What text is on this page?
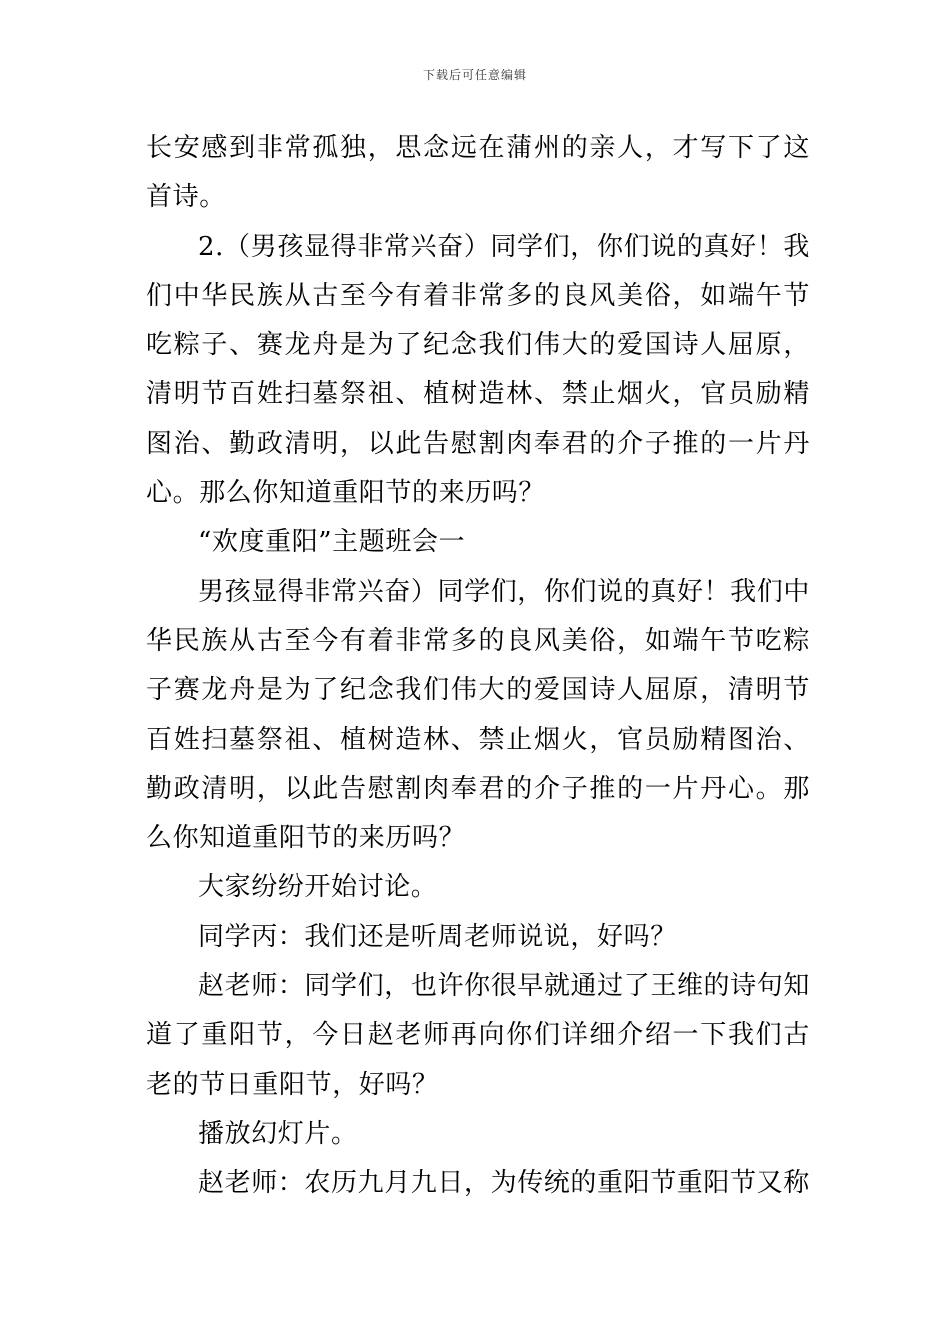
下载后可任意编辑

长安感到非常孤独，思念远在蒲州的亲人，才写下了这首诗。

2.（男孩显得非常兴奋）同学们，你们说的真好！我们中华民族从古至今有着非常多的良风美俗，如端午节吃粽子、赛龙舟是为了纪念我们伟大的爱国诗人屈原，清明节百姓扫墓祭祖、植树造林、禁止烟火，官员励精图治、勤政清明，以此告慰割肉奉君的介子推的一片丹心。那么你知道重阳节的来历吗？

“欢度重阳”主题班会一

男孩显得非常兴奋）同学们，你们说的真好！我们中华民族从古至今有着非常多的良风美俗，如端午节吃粽子赛龙舟是为了纪念我们伟大的爱国诗人屈原，清明节百姓扫墓祭祖、植树造林、禁止烟火，官员励精图治、勤政清明，以此告慰割肉奉君的介子推的一片丹心。那么你知道重阳节的来历吗？

大家纷纷开始讨论。

同学丙：我们还是听周老师说说，好吗？

赵老师：同学们，也许你很早就通过了王维的诗句知道了重阳节，今日赵老师再向你们详细介绍一下我们古老的节日重阳节，好吗？

播放幻灯片。

赵老师：农历九月九日，为传统的重阳节重阳节又称
